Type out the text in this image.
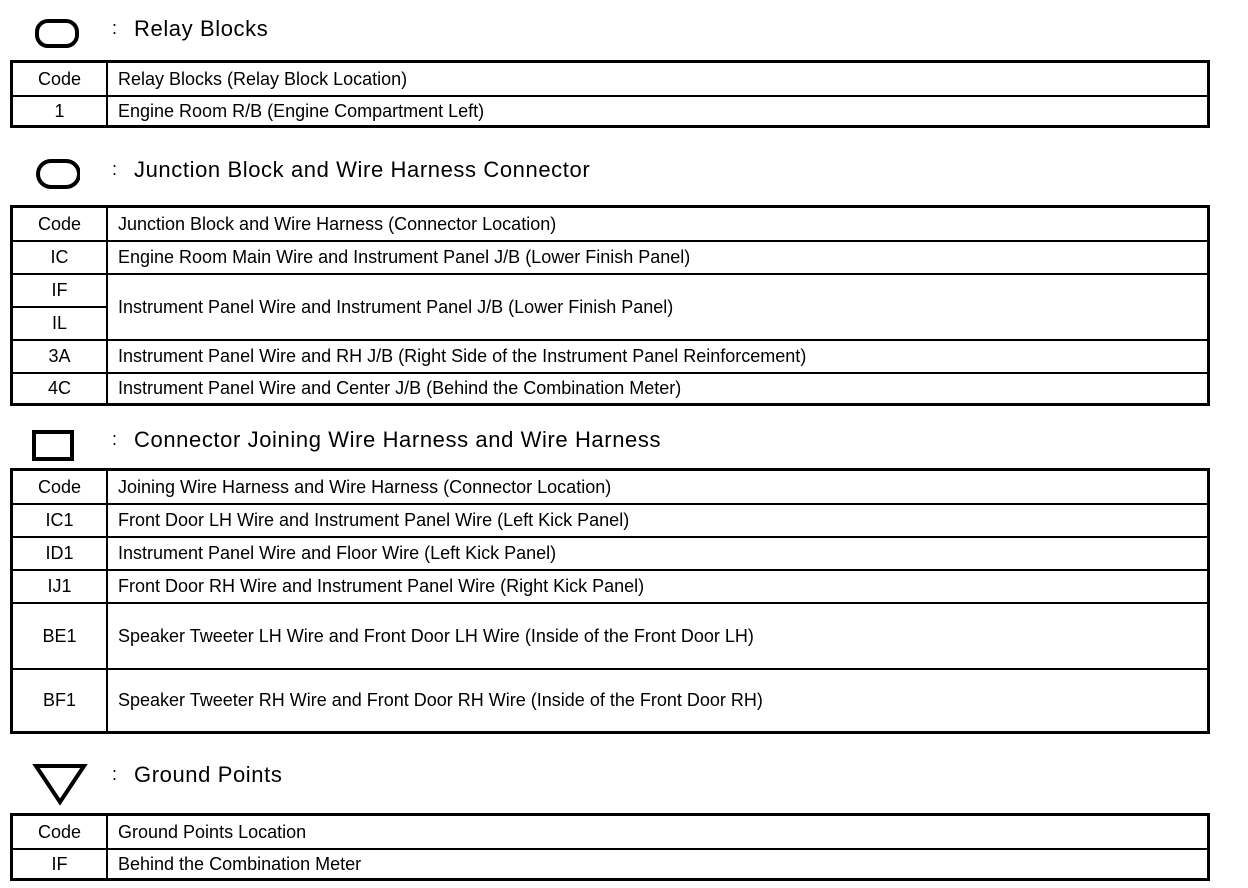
: Relay Blocks
Code	Relay Blocks (Relay Block Location)
1	Engine Room R/B (Engine Compartment Left)
: Junction Block and Wire Harness Connector
Code	Junction Block and Wire Harness (Connector Location)
IC	Engine Room Main Wire and Instrument Panel J/B (Lower Finish Panel)
IF	Instrument Panel Wire and Instrument Panel J/B (Lower Finish Panel)
IL	
3A	Instrument Panel Wire and RH J/B (Right Side of the Instrument Panel Reinforcement)
4C	Instrument Panel Wire and Center J/B (Behind the Combination Meter)
: Connector Joining Wire Harness and Wire Harness
Code	Joining Wire Harness and Wire Harness (Connector Location)
IC1	Front Door LH Wire and Instrument Panel Wire (Left Kick Panel)
ID1	Instrument Panel Wire and Floor Wire (Left Kick Panel)
IJ1	Front Door RH Wire and Instrument Panel Wire (Right Kick Panel)
BE1	Speaker Tweeter LH Wire and Front Door LH Wire (Inside of the Front Door LH)
BF1	Speaker Tweeter RH Wire and Front Door RH Wire (Inside of the Front Door RH)
: Ground Points
Code	Ground Points Location
IF	Behind the Combination Meter
